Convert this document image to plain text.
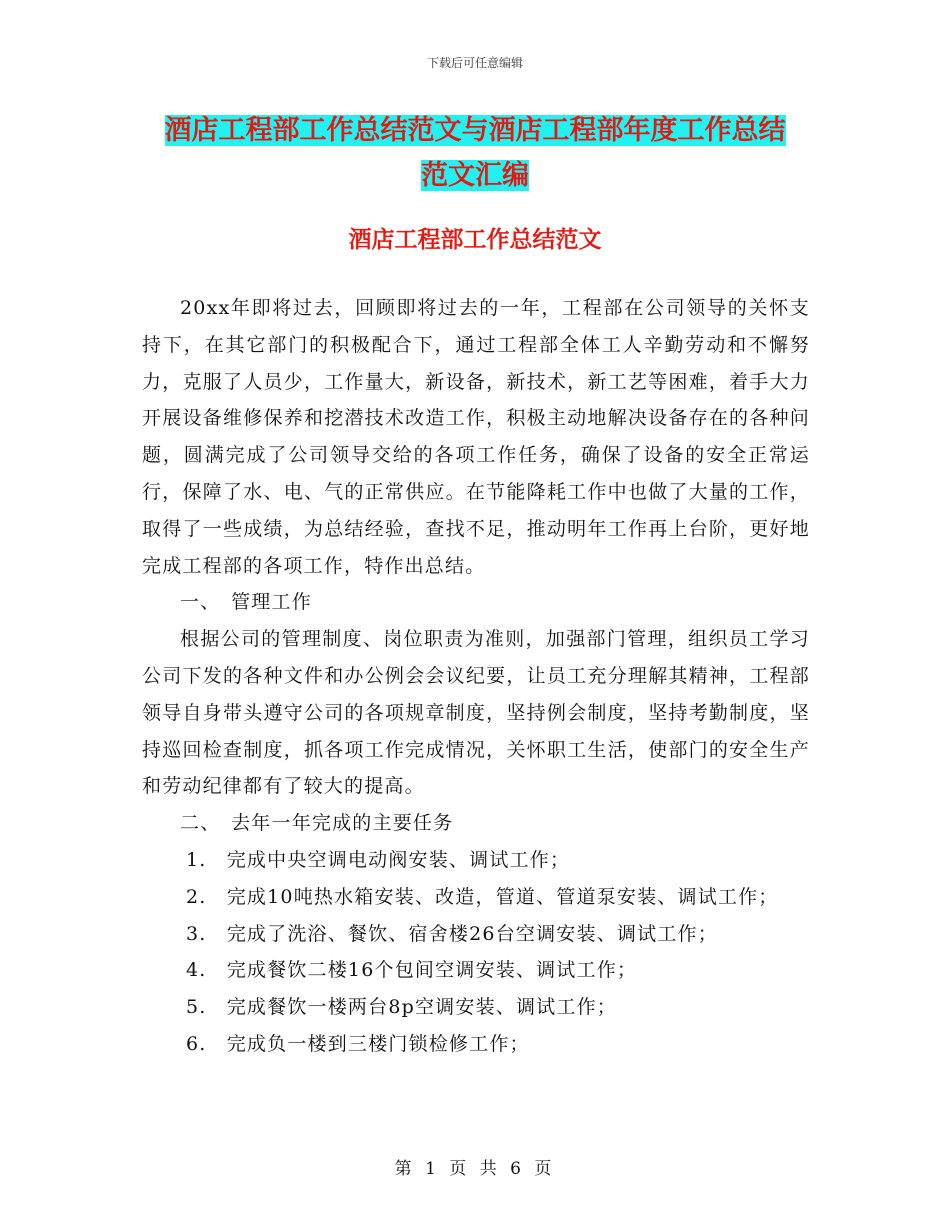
下载后可任意编辑
酒店工程部工作总结范文与酒店工程部年度工作总结
范文汇编
酒店工程部工作总结范文

20xx年即将过去，回顾即将过去的一年，工程部在公司领导的关怀支持下，在其它部门的积极配合下，通过工程部全体工人辛勤劳动和不懈努力，克服了人员少，工作量大，新设备，新技术，新工艺等困难，着手大力开展设备维修保养和挖潜技术改造工作，积极主动地解决设备存在的各种问题，圆满完成了公司领导交给的各项工作任务，确保了设备的安全正常运行，保障了水、电、气的正常供应。在节能降耗工作中也做了大量的工作，取得了一些成绩，为总结经验，查找不足，推动明年工作再上台阶，更好地完成工程部的各项工作，特作出总结。

一、　管理工作

根据公司的管理制度、岗位职责为准则，加强部门管理，组织员工学习公司下发的各种文件和办公例会会议纪要，让员工充分理解其精神，工程部领导自身带头遵守公司的各项规章制度，坚持例会制度，坚持考勤制度，坚持巡回检查制度，抓各项工作完成情况，关怀职工生活，使部门的安全生产和劳动纪律都有了较大的提高。

二、　去年一年完成的主要任务
1.　完成中央空调电动阀安装、调试工作；
2.　完成10吨热水箱安装、改造，管道、管道泵安装、调试工作；
3.　完成了洗浴、餐饮、宿舍楼26台空调安装、调试工作；
4.　完成餐饮二楼16个包间空调安装、调试工作；
5.　完成餐饮一楼两台8p空调安装、调试工作；
6.　完成负一楼到三楼门锁检修工作；
第 1 页 共 6 页
